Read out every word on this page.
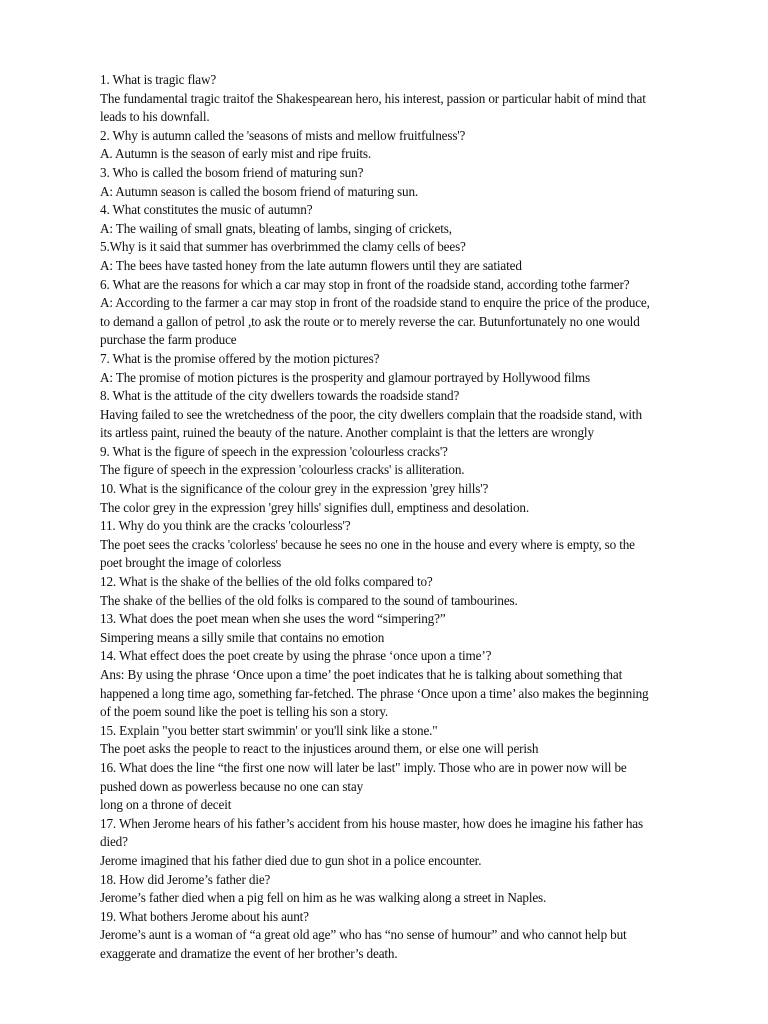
1. What is tragic flaw?
The fundamental tragic traitof the Shakespearean hero, his interest, passion or particular habit of mind that
leads to his downfall.
2. Why is autumn called the 'seasons of mists and mellow fruitfulness'?
A. Autumn is the season of early mist and ripe fruits.
3. Who is called the bosom friend of maturing sun?
A: Autumn season is called the bosom friend of maturing sun.
4. What constitutes the music of autumn?
A: The wailing of small gnats, bleating of lambs, singing of crickets,
5.Why is it said that summer has overbrimmed the clamy cells of bees?
A: The bees have tasted honey from the late autumn flowers until they are satiated
6. What are the reasons for which a car may stop in front of the roadside stand, according tothe farmer?
A: According to the farmer a car may stop in front of the roadside stand to enquire the price of the produce,
to demand a gallon of petrol ,to ask the route or to merely reverse the car. Butunfortunately no one would
purchase the farm produce
7. What is the promise offered by the motion pictures?
A: The promise of motion pictures is the prosperity and glamour portrayed by Hollywood films
8. What is the attitude of the city dwellers towards the roadside stand?
Having failed to see the wretchedness of the poor, the city dwellers complain that the roadside stand, with
its artless paint, ruined the beauty of the nature. Another complaint is that the letters are wrongly
9. What is the figure of speech in the expression 'colourless cracks'?
The figure of speech in the expression 'colourless cracks' is alliteration.
10. What is the significance of the colour grey in the expression 'grey hills'?
The color grey in the expression 'grey hills' signifies dull, emptiness and desolation.
11. Why do you think are the cracks 'colourless'?
The poet sees the cracks 'colorless' because he sees no one in the house and every where is empty, so the
poet brought the image of colorless
12. What is the shake of the bellies of the old folks compared to?
The shake of the bellies of the old folks is compared to the sound of tambourines.
13. What does the poet mean when she uses the word “simpering?”
Simpering means a silly smile that contains no emotion
14. What effect does the poet create by using the phrase ‘once upon a time’?
Ans: By using the phrase ‘Once upon a time’ the poet indicates that he is talking about something that
happened a long time ago, something far-fetched. The phrase ‘Once upon a time’ also makes the beginning
of the poem sound like the poet is telling his son a story.
15. Explain "you better start swimmin' or you'll sink like a stone."
The poet asks the people to react to the injustices around them, or else one will perish
16. What does the line “the first one now will later be last" imply. Those who are in power now will be
pushed down as powerless because no one can stay
long on a throne of deceit
17. When Jerome hears of his father’s accident from his house master, how does he imagine his father has
died?
Jerome imagined that his father died due to gun shot in a police encounter.
18. How did Jerome’s father die?
Jerome’s father died when a pig fell on him as he was walking along a street in Naples.
19. What bothers Jerome about his aunt?
Jerome’s aunt is a woman of “a great old age” who has “no sense of humour” and who cannot help but
exaggerate and dramatize the event of her brother’s death.
